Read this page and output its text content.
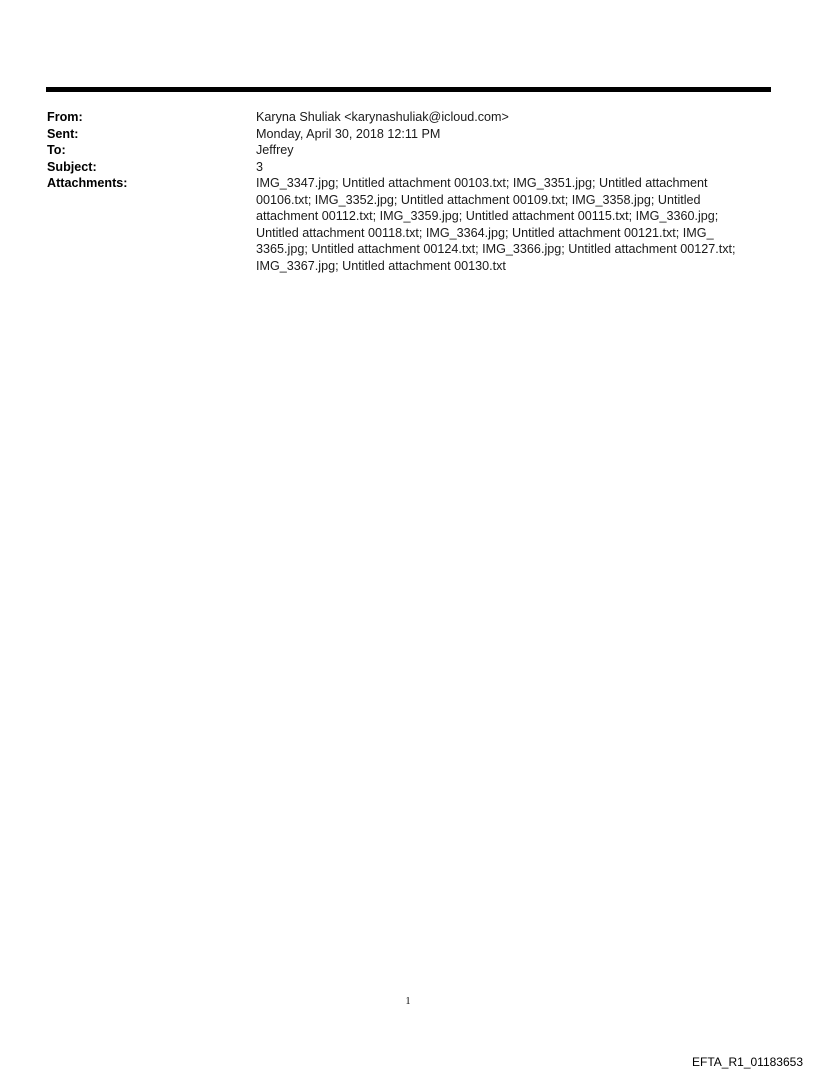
From:	Karyna Shuliak <karynashuliak@icloud.com>
Sent:	Monday, April 30, 2018 12:11 PM
To:	Jeffrey
Subject:	3
Attachments:	IMG_3347.jpg; Untitled attachment 00103.txt; IMG_3351.jpg; Untitled attachment
00106.txt; IMG_3352.jpg; Untitled attachment 00109.txt; IMG_3358.jpg; Untitled
attachment 00112.txt; IMG_3359.jpg; Untitled attachment 00115.txt; IMG_3360.jpg;
Untitled attachment 00118.txt; IMG_3364.jpg; Untitled attachment 00121.txt; IMG_
3365.jpg; Untitled attachment 00124.txt; IMG_3366.jpg; Untitled attachment 00127.txt;
IMG_3367.jpg; Untitled attachment 00130.txt
1
EFTA_R1_01183653
